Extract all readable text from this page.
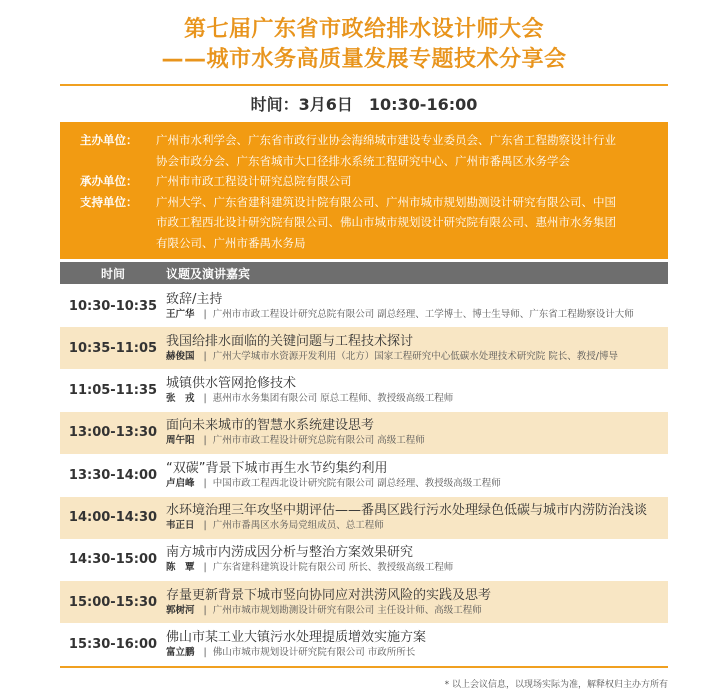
第七届广东省市政给排水设计师大会
——城市水务高质量发展专题技术分享会
时间：3月6日　10:30-16:00
主办单位：	广州市水利学会、广东省市政行业协会海绵城市建设专业委员会、广东省工程勘察设计行业
协会市政分会、广东省城市大口径排水系统工程研究中心、广州市番禺区水务学会
承办单位：	广州市市政工程设计研究总院有限公司
支持单位：	广州大学、广东省建科建筑设计院有限公司、广州市城市规划勘测设计研究有限公司、中国
市政工程西北设计研究院有限公司、佛山市城市规划设计研究院有限公司、惠州市水务集团
有限公司、广州市番禺水务局
时间	议题及演讲嘉宾
10:30-10:35 致辞/主持
王广华 | 广州市市政工程设计研究总院有限公司 副总经理、工学博士、博士生导师、广东省工程勘察设计大师
10:35-11:05 我国给排水面临的关键问题与工程技术探讨
赫俊国 | 广州大学城市水资源开发利用（北方）国家工程研究中心低碳水处理技术研究院 院长、教授/博导
11:05-11:35 城镇供水管网抢修技术
张　戎 | 惠州市水务集团有限公司 原总工程师、教授级高级工程师
13:00-13:30 面向未来城市的智慧水系统建设思考
周午阳 | 广州市市政工程设计研究总院有限公司 高级工程师
13:30-14:00 “双碳”背景下城市再生水节约集约利用
卢启峰 | 中国市政工程西北设计研究院有限公司 副总经理、教授级高级工程师
14:00-14:30 水环境治理三年攻坚中期评估——番禺区践行污水处理绿色低碳与城市内涝防治浅谈
韦正日 | 广州市番禺区水务局党组成员、总工程师
14:30-15:00 南方城市内涝成因分析与整治方案效果研究
陈　覃 | 广东省建科建筑设计院有限公司 所长、教授级高级工程师
15:00-15:30 存量更新背景下城市竖向协同应对洪涝风险的实践及思考
郭树河 | 广州市城市规划勘测设计研究有限公司 主任设计师、高级工程师
15:30-16:00 佛山市某工业大镇污水处理提质增效实施方案
富立鹏 | 佛山市城市规划设计研究院有限公司 市政所所长
* 以上会议信息，以现场实际为准，解释权归主办方所有
